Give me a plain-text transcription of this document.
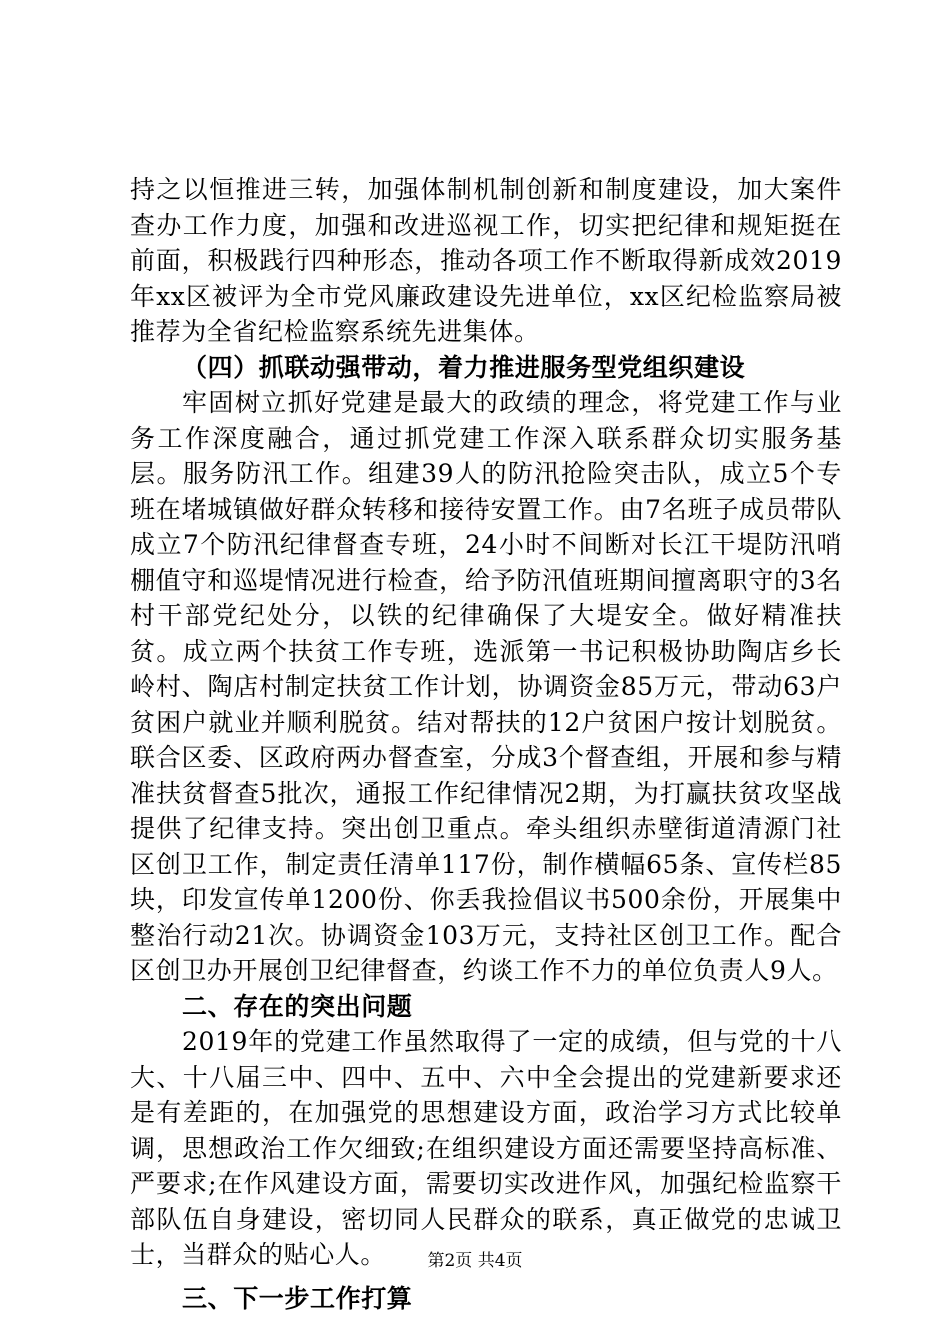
持之以恒推进三转，加强体制机制创新和制度建设，加大案件查办工作力度，加强和改进巡视工作，切实把纪律和规矩挺在前面，积极践行四种形态，推动各项工作不断取得新成效2019年xx区被评为全市党风廉政建设先进单位，xx区纪检监察局被推荐为全省纪检监察系统先进集体。

（四）抓联动强带动，着力推进服务型党组织建设

牢固树立抓好党建是最大的政绩的理念，将党建工作与业务工作深度融合，通过抓党建工作深入联系群众切实服务基层。服务防汛工作。组建39人的防汛抢险突击队，成立5个专班在堵城镇做好群众转移和接待安置工作。由7名班子成员带队成立7个防汛纪律督查专班，24小时不间断对长江干堤防汛哨棚值守和巡堤情况进行检查，给予防汛值班期间擅离职守的3名村干部党纪处分，以铁的纪律确保了大堤安全。做好精准扶贫。成立两个扶贫工作专班，选派第一书记积极协助陶店乡长岭村、陶店村制定扶贫工作计划，协调资金85万元，带动63户贫困户就业并顺利脱贫。结对帮扶的12户贫困户按计划脱贫。联合区委、区政府两办督查室，分成3个督查组，开展和参与精准扶贫督查5批次，通报工作纪律情况2期，为打赢扶贫攻坚战提供了纪律支持。突出创卫重点。牵头组织赤壁街道清源门社区创卫工作，制定责任清单117份，制作横幅65条、宣传栏85块，印发宣传单1200份、你丢我捡倡议书500余份，开展集中整治行动21次。协调资金103万元，支持社区创卫工作。配合区创卫办开展创卫纪律督查，约谈工作不力的单位负责人9人。

二、存在的突出问题

2019年的党建工作虽然取得了一定的成绩，但与党的十八大、十八届三中、四中、五中、六中全会提出的党建新要求还是有差距的，在加强党的思想建设方面，政治学习方式比较单调，思想政治工作欠细致;在组织建设方面还需要坚持高标准、严要求;在作风建设方面，需要切实改进作风，加强纪检监察干部队伍自身建设，密切同人民群众的联系，真正做党的忠诚卫士，当群众的贴心人。

三、下一步工作打算

第2页 共4页
